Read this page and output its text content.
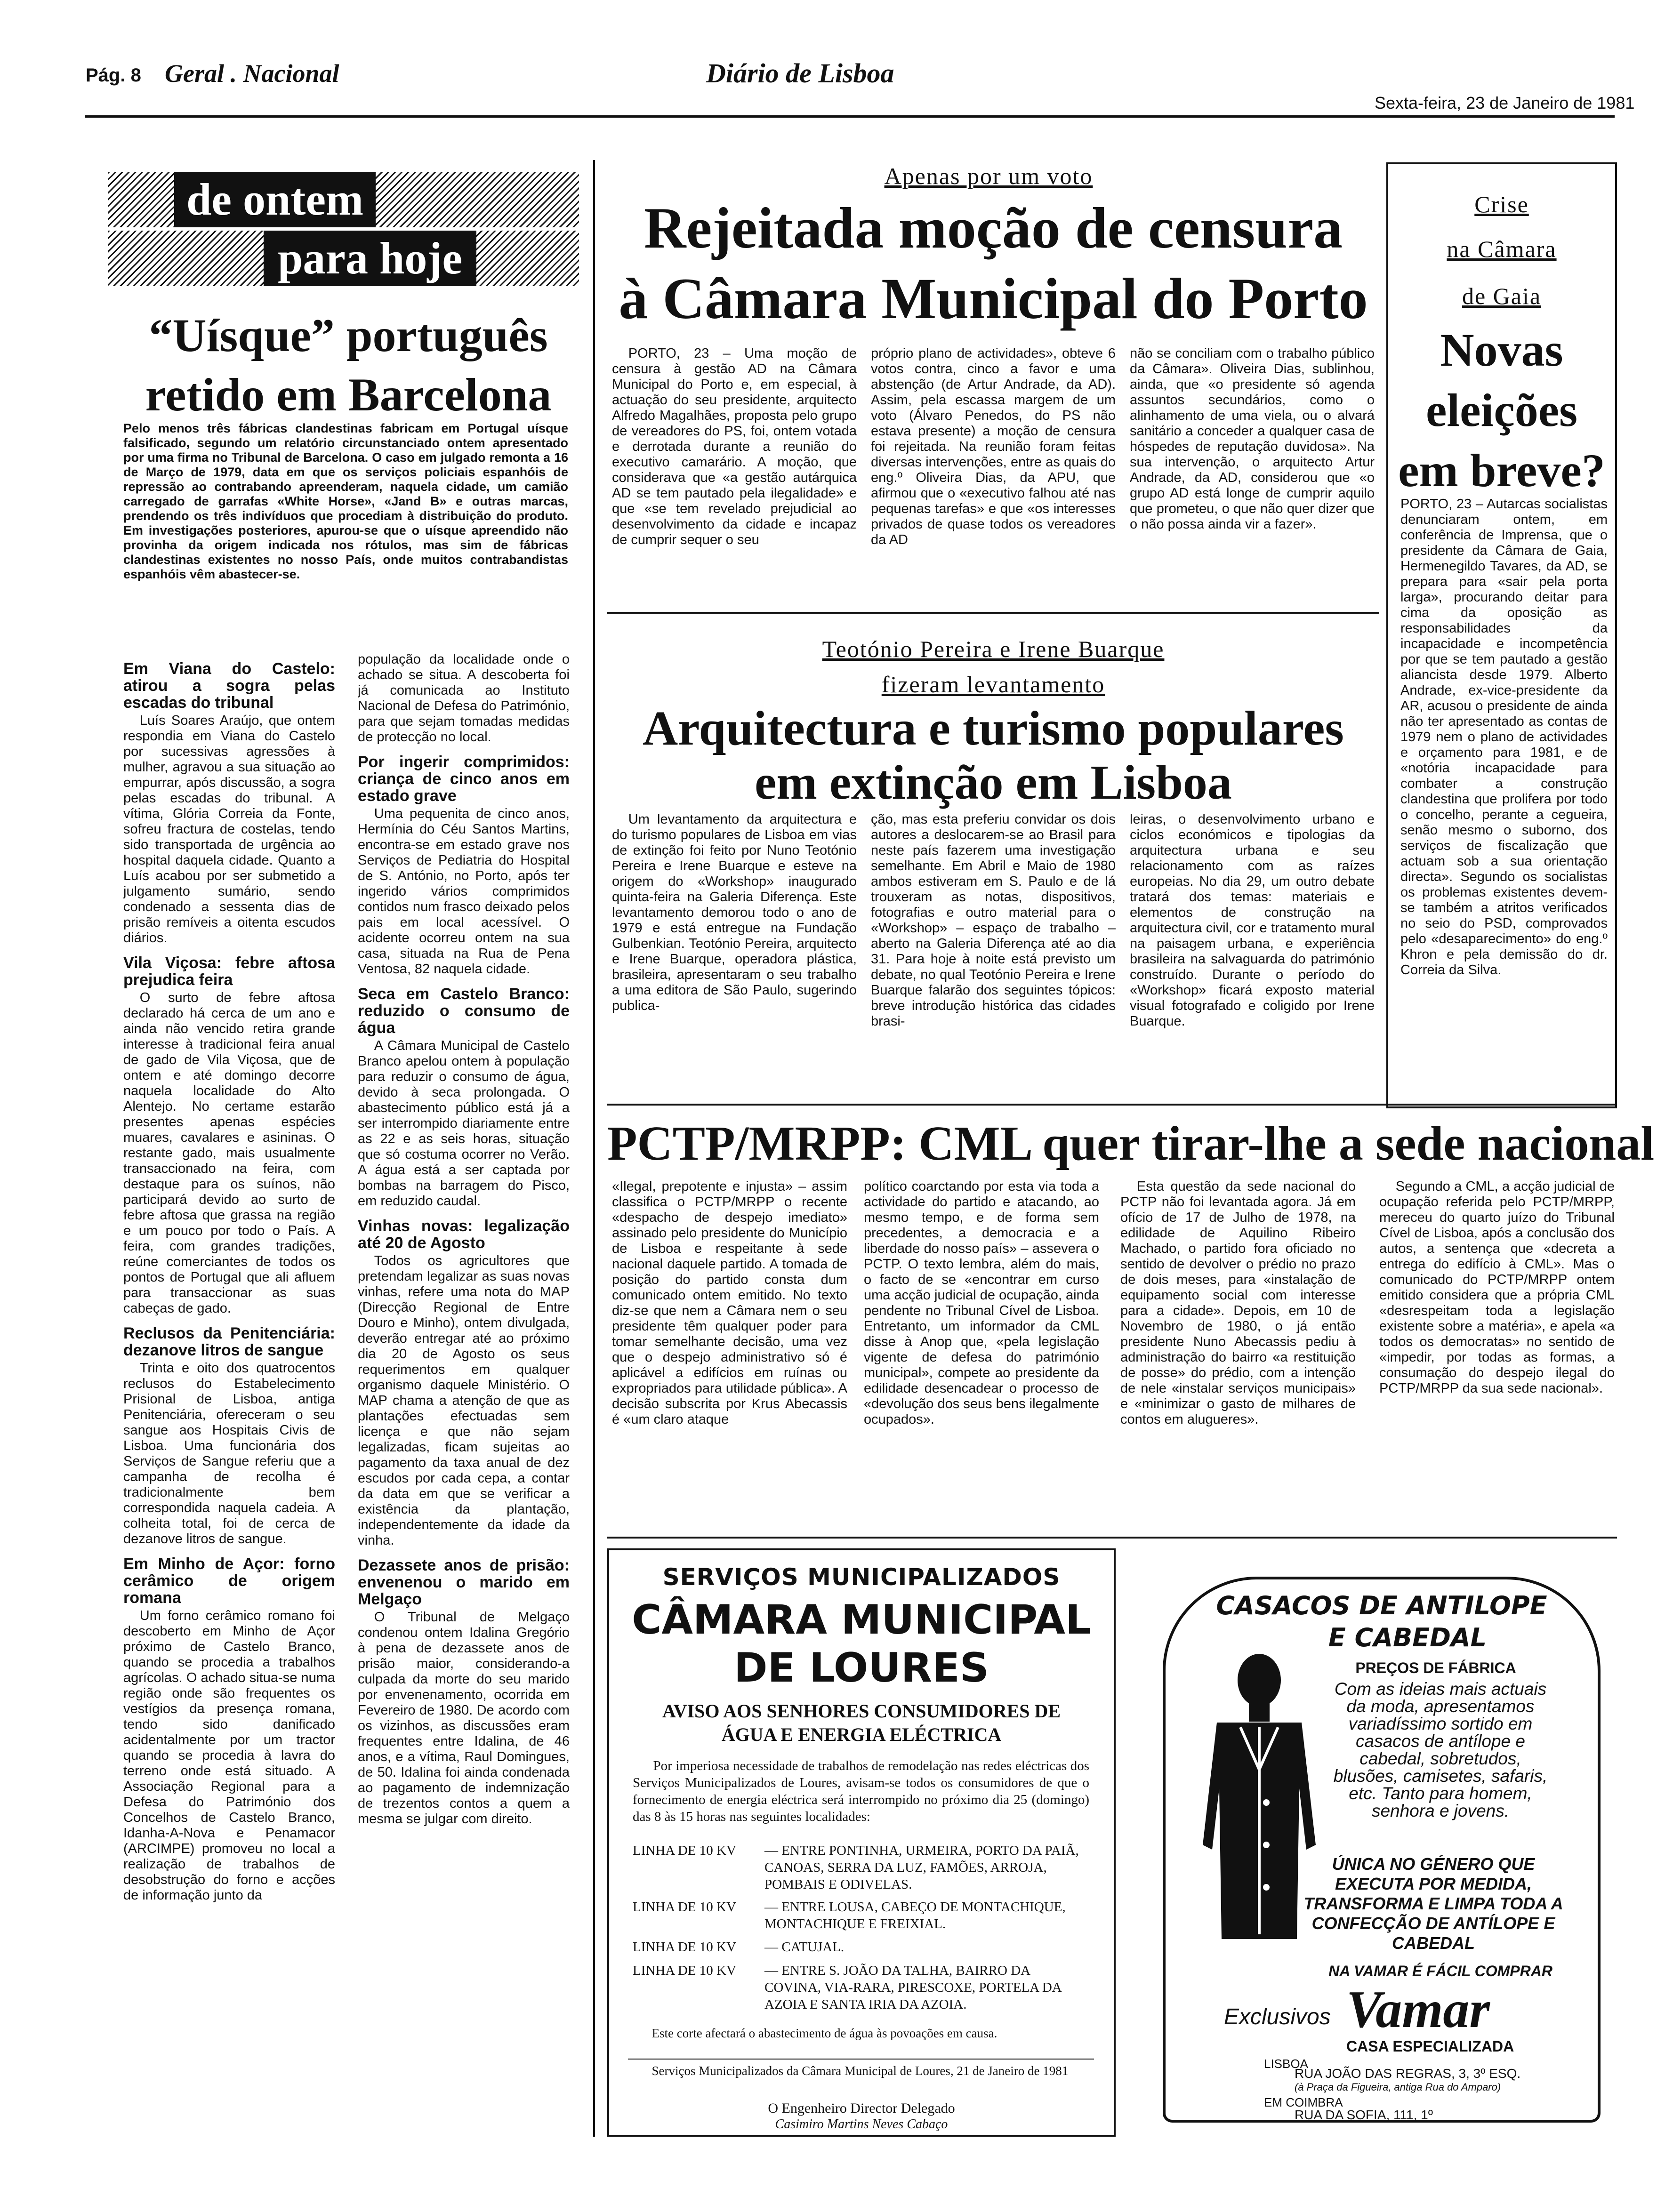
Pág. 8 Geral . Nacional	Diário de Lisboa
Sexta-feira, 23 de Janeiro de 1981
de ontem
para hoje
“Uísque” português retido em Barcelona
Pelo menos três fábricas clandestinas fabricam em Portugal uísque falsificado, segundo um relatório circunstanciado ontem apresentado por uma firma no Tribunal de Barcelona. O caso em julgado remonta a 16 de Março de 1979, data em que os serviços policiais espanhóis de repressão ao contrabando apreenderam, naquela cidade, um camião carregado de garrafas «White Horse», «Jand B» e outras marcas, prendendo os três indivíduos que procediam à distribuição do produto. Em investigações posteriores, apurou-se que o uísque apreendido não provinha da origem indicada nos rótulos, mas sim de fábricas clandestinas existentes no nosso País, onde muitos contrabandistas espanhóis vêm abastecer-se.
Em Viana do Castelo: atirou a sogra pelas escadas do tribunal

Luís Soares Araújo, que ontem respondia em Viana do Castelo por sucessivas agressões à mulher, agravou a sua situação ao empurrar, após discussão, a sogra pelas escadas do tribunal. A vítima, Glória Correia da Fonte, sofreu fractura de costelas, tendo sido transportada de urgência ao hospital daquela cidade. Quanto a Luís acabou por ser submetido a julgamento sumário, sendo condenado a sessenta dias de prisão remíveis a oitenta escudos diários.

Vila Viçosa: febre aftosa prejudica feira

O surto de febre aftosa declarado há cerca de um ano e ainda não vencido retira grande interesse à tradicional feira anual de gado de Vila Viçosa, que de ontem e até domingo decorre naquela localidade do Alto Alentejo. No certame estarão presentes apenas espécies muares, cavalares e asininas. O restante gado, mais usualmente transaccionado na feira, com destaque para os suínos, não participará devido ao surto de febre aftosa que grassa na região e um pouco por todo o País. A feira, com grandes tradições, reúne comerciantes de todos os pontos de Portugal que ali afluem para transaccionar as suas cabeças de gado.

Reclusos da Penitenciária: dezanove litros de sangue

Trinta e oito dos quatrocentos reclusos do Estabelecimento Prisional de Lisboa, antiga Penitenciária, ofereceram o seu sangue aos Hospitais Civis de Lisboa. Uma funcionária dos Serviços de Sangue referiu que a campanha de recolha é tradicionalmente bem correspondida naquela cadeia. A colheita total, foi de cerca de dezanove litros de sangue.

Em Minho de Açor: forno cerâmico de origem romana

Um forno cerâmico romano foi descoberto em Minho de Açor próximo de Castelo Branco, quando se procedia a trabalhos agrícolas. O achado situa-se numa região onde são frequentes os vestígios da presença romana, tendo sido danificado acidentalmente por um tractor quando se procedia à lavra do terreno onde está situado. A Associação Regional para a Defesa do Património dos Concelhos de Castelo Branco, Idanha-A-Nova e Penamacor (ARCIMPE) promoveu no local a realização de trabalhos de desobstrução do forno e acções de informação junto da

população da localidade onde o achado se situa. A descoberta foi já comunicada ao Instituto Nacional de Defesa do Património, para que sejam tomadas medidas de protecção no local.

Por ingerir comprimidos: criança de cinco anos em estado grave

Uma pequenita de cinco anos, Hermínia do Céu Santos Martins, encontra-se em estado grave nos Serviços de Pediatria do Hospital de S. António, no Porto, após ter ingerido vários comprimidos contidos num frasco deixado pelos pais em local acessível. O acidente ocorreu ontem na sua casa, situada na Rua de Pena Ventosa, 82 naquela cidade.

Seca em Castelo Branco: reduzido o consumo de água

A Câmara Municipal de Castelo Branco apelou ontem à população para reduzir o consumo de água, devido à seca prolongada. O abastecimento público está já a ser interrompido diariamente entre as 22 e as seis horas, situação que só costuma ocorrer no Verão. A água está a ser captada por bombas na barragem do Pisco, em reduzido caudal.

Vinhas novas: legalização até 20 de Agosto

Todos os agricultores que pretendam legalizar as suas novas vinhas, refere uma nota do MAP (Direcção Regional de Entre Douro e Minho), ontem divulgada, deverão entregar até ao próximo dia 20 de Agosto os seus requerimentos em qualquer organismo daquele Ministério. O MAP chama a atenção de que as plantações efectuadas sem licença e que não sejam legalizadas, ficam sujeitas ao pagamento da taxa anual de dez escudos por cada cepa, a contar da data em que se verificar a existência da plantação, independentemente da idade da vinha.

Dezassete anos de prisão: envenenou o marido em Melgaço

O Tribunal de Melgaço condenou ontem Idalina Gregório à pena de dezassete anos de prisão maior, considerando-a culpada da morte do seu marido por envenenamento, ocorrida em Fevereiro de 1980. De acordo com os vizinhos, as discussões eram frequentes entre Idalina, de 46 anos, e a vítima, Raul Domingues, de 50. Idalina foi ainda condenada ao pagamento de indemnização de trezentos contos a quem a mesma se julgar com direito.

Apenas por um voto
Rejeitada moção de censura
à Câmara Municipal do Porto

PORTO, 23 – Uma moção de censura à gestão AD na Câmara Municipal do Porto e, em especial, à actuação do seu presidente, arquitecto Alfredo Magalhães, proposta pelo grupo de vereadores do PS, foi, ontem votada e derrotada durante a reunião do executivo camarário. A moção, que considerava que «a gestão autárquica AD se tem pautado pela ilegalidade» e que «se tem revelado prejudicial ao desenvolvimento da cidade e incapaz de cumprir sequer o seu

próprio plano de actividades», obteve 6 votos contra, cinco a favor e uma abstenção (de Artur Andrade, da AD). Assim, pela escassa margem de um voto (Álvaro Penedos, do PS não estava presente) a moção de censura foi rejeitada. Na reunião foram feitas diversas intervenções, entre as quais do eng.º Oliveira Dias, da APU, que afirmou que o «executivo falhou até nas pequenas tarefas» e que «os interesses privados de quase todos os vereadores da AD

não se conciliam com o trabalho público da Câmara». Oliveira Dias, sublinhou, ainda, que «o presidente só agenda assuntos secundários, como o alinhamento de uma viela, ou o alvará sanitário a conceder a qualquer casa de hóspedes de reputação duvidosa». Na sua intervenção, o arquitecto Artur Andrade, da AD, considerou que «o grupo AD está longe de cumprir aquilo que prometeu, o que não quer dizer que o não possa ainda vir a fazer».

Crise
na Câmara
de Gaia
Novas eleições em breve?

PORTO, 23 – Autarcas socialistas denunciaram ontem, em conferência de Imprensa, que o presidente da Câmara de Gaia, Hermenegildo Tavares, da AD, se prepara para «sair pela porta larga», procurando deitar para cima da oposição as responsabilidades da incapacidade e incompetência por que se tem pautado a gestão aliancista desde 1979. Alberto Andrade, ex-vice-presidente da AR, acusou o presidente de ainda não ter apresentado as contas de 1979 nem o plano de actividades e orçamento para 1981, e de «notória incapacidade para combater a construção clandestina que prolifera por todo o concelho, perante a cegueira, senão mesmo o suborno, dos serviços de fiscalização que actuam sob a sua orientação directa». Segundo os socialistas os problemas existentes devem-se também a atritos verificados no seio do PSD, comprovados pelo «desaparecimento» do eng.º Khron e pela demissão do dr. Correia da Silva.

Teotónio Pereira e Irene Buarque
fizeram levantamento
Arquitectura e turismo populares
em extinção em Lisboa

Um levantamento da arquitectura e do turismo populares de Lisboa em vias de extinção foi feito por Nuno Teotónio Pereira e Irene Buarque e esteve na origem do «Workshop» inaugurado quinta-feira na Galeria Diferença. Este levantamento demorou todo o ano de 1979 e está entregue na Fundação Gulbenkian. Teotónio Pereira, arquitecto e Irene Buarque, operadora plástica, brasileira, apresentaram o seu trabalho a uma editora de São Paulo, sugerindo publica-

ção, mas esta preferiu convidar os dois autores a deslocarem-se ao Brasil para neste país fazerem uma investigação semelhante. Em Abril e Maio de 1980 ambos estiveram em S. Paulo e de lá trouxeram as notas, dispositivos, fotografias e outro material para o «Workshop» – espaço de trabalho – aberto na Galeria Diferença até ao dia 31. Para hoje à noite está previsto um debate, no qual Teotónio Pereira e Irene Buarque falarão dos seguintes tópicos: breve introdução histórica das cidades brasi-

leiras, o desenvolvimento urbano e ciclos económicos e tipologias da arquitectura urbana e seu relacionamento com as raízes europeias. No dia 29, um outro debate tratará dos temas: materiais e elementos de construção na arquitectura civil, cor e tratamento mural na paisagem urbana, e experiência brasileira na salvaguarda do património construído. Durante o período do «Workshop» ficará exposto material visual fotografado e coligido por Irene Buarque.

PCTP/MRPP: CML quer tirar-lhe a sede nacional

«Ilegal, prepotente e injusta» – assim classifica o PCTP/MRPP o recente «despacho de despejo imediato» assinado pelo presidente do Município de Lisboa e respeitante à sede nacional daquele partido. A tomada de posição do partido consta dum comunicado ontem emitido. No texto diz-se que nem a Câmara nem o seu presidente têm qualquer poder para tomar semelhante decisão, uma vez que o despejo administrativo só é aplicável a edifícios em ruínas ou expropriados para utilidade pública». A decisão subscrita por Krus Abecassis é «um claro ataque

político coarctando por esta via toda a actividade do partido e atacando, ao mesmo tempo, e de forma sem precedentes, a democracia e a liberdade do nosso país» – assevera o PCTP. O texto lembra, além do mais, o facto de se «encontrar em curso uma acção judicial de ocupação, ainda pendente no Tribunal Cível de Lisboa. Entretanto, um informador da CML disse à Anop que, «pela legislação vigente de defesa do património municipal», compete ao presidente da edilidade desencadear o processo de «devolução dos seus bens ilegalmente ocupados».

Esta questão da sede nacional do PCTP não foi levantada agora. Já em ofício de 17 de Julho de 1978, na edilidade de Aquilino Ribeiro Machado, o partido fora oficiado no sentido de devolver o prédio no prazo de dois meses, para «instalação de equipamento social com interesse para a cidade». Depois, em 10 de Novembro de 1980, o já então presidente Nuno Abecassis pediu à administração do bairro «a restituição de posse» do prédio, com a intenção de nele «instalar serviços municipais» e «minimizar o gasto de milhares de contos em alugueres».

Segundo a CML, a acção judicial de ocupação referida pelo PCTP/MRPP, mereceu do quarto juízo do Tribunal Cível de Lisboa, após a conclusão dos autos, a sentença que «decreta a entrega do edifício à CML». Mas o comunicado do PCTP/MRPP ontem emitido considera que a própria CML «desrespeitam toda a legislação existente sobre a matéria», e apela «a todos os democratas» no sentido de «impedir, por todas as formas, a consumação do despejo ilegal do PCTP/MRPP da sua sede nacional».

SERVIÇOS MUNICIPALIZADOS
CÂMARA MUNICIPAL
DE LOURES
AVISO AOS SENHORES CONSUMIDORES DE
ÁGUA E ENERGIA ELÉCTRICA
Por imperiosa necessidade de trabalhos de remodelação nas redes eléctricas dos Serviços Municipalizados de Loures, avisam-se todos os consumidores de que o fornecimento de energia eléctrica será interrompido no próximo dia 25 (domingo) das 8 às 15 horas nas seguintes localidades:
LINHA DE 10 KV — ENTRE PONTINHA, URMEIRA, PORTO DA PAIÃ, CANOAS, SERRA DA LUZ, FAMÕES, ARROJA, POMBAIS E ODIVELAS.
LINHA DE 10 KV — ENTRE LOUSA, CABEÇO DE MONTACHIQUE, MONTACHIQUE E FREIXIAL.
LINHA DE 10 KV — CATUJAL.
LINHA DE 10 KV — ENTRE S. JOÃO DA TALHA, BAIRRO DA COVINA, VIA-RARA, PIRESCOXE, PORTELA DA AZOIA E SANTA IRIA DA AZOIA.
Este corte afectará o abastecimento de água às povoações em causa.
Serviços Municipalizados da Câmara Municipal de Loures, 21 de Janeiro de 1981
O Engenheiro Director Delegado
Casimiro Martins Neves Cabaço
CASACOS DE ANTILOPE
E CABEDAL
PREÇOS DE FÁBRICA
Com as ideias mais actuais da moda, apresentamos variadíssimo sortido em casacos de antílope e cabedal, sobretudos, blusões, camisetes, safaris, etc. Tanto para homem, senhora e jovens.
ÚNICA NO GÉNERO QUE EXECUTA POR MEDIDA, TRANSFORMA E LIMPA TODA A CONFECÇÃO DE ANTÍLOPE E CABEDAL
NA VAMAR É FÁCIL COMPRAR
Exclusivos Vamar
CASA ESPECIALIZADA
LISBOA
RUA JOÃO DAS REGRAS, 3, 3º ESQ.
(à Praça da Figueira, antiga Rua do Amparo)
EM COIMBRA
RUA DA SOFIA, 111, 1º
